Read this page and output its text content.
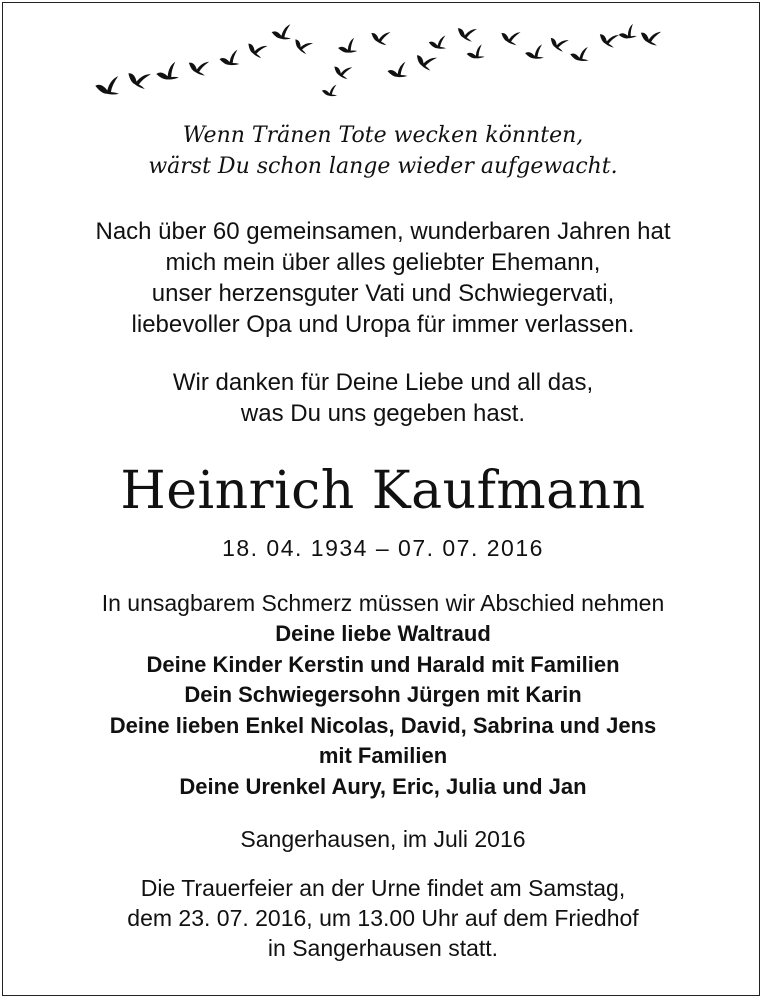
Wenn Tränen Tote wecken könnten,
wärst Du schon lange wieder aufgewacht.
Nach über 60 gemeinsamen, wunderbaren Jahren hat
mich mein über alles geliebter Ehemann,
unser herzensguter Vati und Schwiegervati,
liebevoller Opa und Uropa für immer verlassen.
Wir danken für Deine Liebe und all das,
was Du uns gegeben hast.
Heinrich Kaufmann
18. 04. 1934 – 07. 07. 2016
In unsagbarem Schmerz müssen wir Abschied nehmen
Deine liebe Waltraud
Deine Kinder Kerstin und Harald mit Familien
Dein Schwiegersohn Jürgen mit Karin
Deine lieben Enkel Nicolas, David, Sabrina und Jens
mit Familien
Deine Urenkel Aury, Eric, Julia und Jan
Sangerhausen, im Juli 2016
Die Trauerfeier an der Urne findet am Samstag,
dem 23. 07. 2016, um 13.00 Uhr auf dem Friedhof
in Sangerhausen statt.
